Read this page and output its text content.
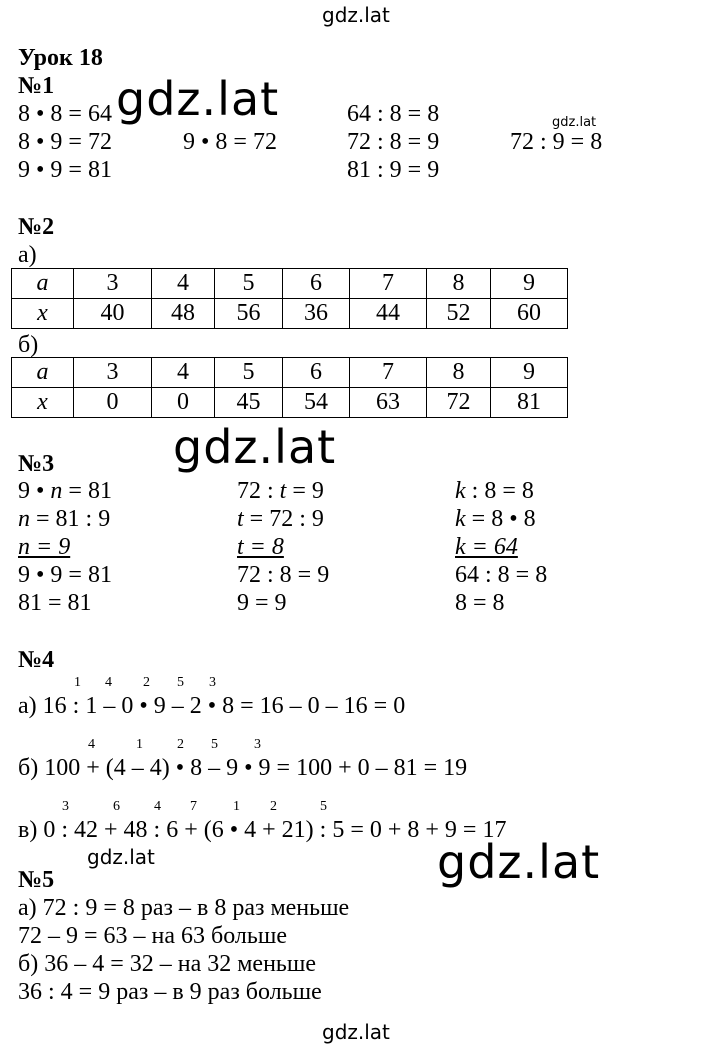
gdz.lat
gdz.lat	gdz.lat
gdz.lat
gdz.lat	gdz.lat
gdz.lat
Урок 18
№1
8 • 8 = 64
8 • 9 = 72	9 • 8 = 72
9 • 9 = 81
64 : 8 = 8
72 : 8 = 9	72 : 9 = 8
81 : 9 = 9
№2
а)
a	3	4	5	6	7	8	9
x	40	48	56	36	44	52	60
б)
a	3	4	5	6	7	8	9
x	0	0	45	54	63	72	81
№3
9 • n = 81
n = 81 : 9
n = 9
9 • 9 = 81
81 = 81
72 : t = 9
t = 72 : 9
t = 8
72 : 8 = 9
9 = 9
k : 8 = 8
k = 8 • 8
k = 64
64 : 8 = 8
8 = 8
№4
1 4 2 5 3
а) 16 : 1 – 0 • 9 – 2 • 8 = 16 – 0 – 16 = 0
4	1 2 5	3
б) 100 + (4 – 4) • 8 – 9 • 9 = 100 + 0 – 81 = 19
3	6 4 7	1 2	5
в) 0 : 42 + 48 : 6 + (6 • 4 + 21) : 5 = 0 + 8 + 9 = 17
№5
а) 72 : 9 = 8 раз – в 8 раз меньше
72 – 9 = 63 – на 63 больше
б) 36 – 4 = 32 – на 32 меньше
36 : 4 = 9 раз – в 9 раз больше
